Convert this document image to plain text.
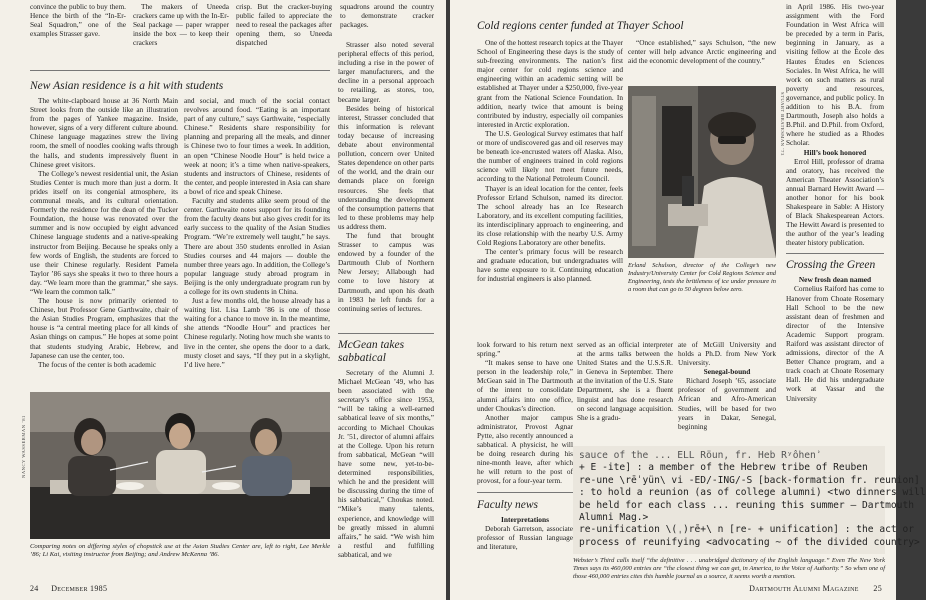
convince the public to buy them. Hence the birth of the “In-Er-Seal Squadron,” one of the examples Strasser gave.

The makers of Uneeda crackers came up with the In-Er-Seal package — paper wrapper inside the box — to keep their crackers

crisp. But the cracker-buying public failed to appreciate the need to reseal the packages after opening them, so Uneeda dispatched

squadrons around the country to demonstrate cracker packages.

New Asian residence is a hit with students

The white-clapboard house at 36 North Main Street looks from the outside like an illustration from the pages of Yankee magazine. Inside, however, signs of a very different culture abound. Chinese language magazines strew the living room, the smell of noodles cooking wafts through the halls, and students impressively fluent in Chinese greet visitors.

The College’s newest residential unit, the Asian Studies Center is much more than just a dorm. It prides itself on its congenial atmosphere, its communal meals, and its cultural orientation. Formerly the residence for the dean of the Tucker Foundation, the house was renovated over the summer and is now occupied by eight advanced Chinese language students and a native-speaking instructor from Beijing. Because he speaks only a few words of English, the students are forced to use their Chinese regularly. Resident Pamela Taylor ’86 says she speaks it two to three hours a day. “We learn more than the grammar,” she says. “We learn the common talk.”

The house is now primarily oriented to Chinese, but Professor Gene Garthwaite, chair of the Asian Studies Program, emphasizes that the house is “a central meeting place for all kinds of Asian things on campus.” He hopes at some point that students studying Arabic, Hebrew, and Japanese can use the center, too.

The focus of the center is both academic

and social, and much of the social contact revolves around food. “Eating is an important part of any culture,” says Garthwaite, “especially Chinese.” Residents share responsibility for planning and preparing all the meals, and dinner is Chinese two to four times a week. In addition, an open “Chinese Noodle Hour” is held twice a week at noon; it’s a time when native-speakers, students and instructors of Chinese, residents of the center, and people interested in Asia can share a bowl of rice and speak Chinese.

Faculty and students alike seem proud of the center. Garthwaite notes support for its founding from the faculty deans but also gives credit for its early success to the quality of the Asian Studies Program. “We’re extremely well taught,” he says. There are about 350 students enrolled in Asian Studies courses and 44 majors — double the number three years ago. In addition, the College’s popular language study abroad program in Beijing is the only undergraduate program run by a college for its own students in China.

Just a few months old, the house already has a waiting list. Lisa Lamb ’86 is one of those waiting for a chance to move in. In the meantime, she attends “Noodle Hour” and practices her Chinese regularly. Noting how much she wants to live in the center, she opens the door to a dark, musty closet and says, “If they put in a skylight, I’d live here.”

Strasser also noted several peripheral effects of this period, including a rise in the power of larger manufacturers, and the decline in a personal approach to retailing, as stores, too, became larger.

Besides being of historical interest, Strasser concluded that this information is relevant today because of increasing debate about environmental pollution, concern over United States dependence on other parts of the world, and the drain our demands place on foreign resources. She feels that understanding the development of the consumption patterns that led to these problems may help us address them.

The fund that brought Strasser to campus was endowed by a founder of the Dartmouth Club of Northern New Jersey; Allabough had come to love history at Dartmouth, and upon his death in 1983 he left funds for a continuing series of lectures.

McGean takes sabbatical

Secretary of the Alumni J. Michael McGean ’49, who has been associated with the secretary’s office since 1953, “will be taking a well-earned sabbatical leave of six months,” according to Michael Choukas Jr. ’51, director of alumni affairs at the College. Upon his return from sabbatical, McGean “will have some new, yet-to-be-determined responsibilities, which he and the president will be discussing during the time of his sabbatical,” Choukas noted. “Mike’s many talents, experience, and knowledge will be greatly missed in alumni affairs,” he said. “We wish him a restful and fulfilling sabbatical, and we

NANCY WASSERMAN ’81
Comparing notes on differing styles of chopstick use at the Asian Studies Center are, left to right, Lee Merkle ’86; Li Kai, visiting instructor from Beijing; and Andrew McKenna ’86.
24 December 1985
Cold regions center funded at Thayer School

One of the hottest research topics at the Thayer School of Engineering these days is the study of sub-freezing environments. The nation’s first major center for cold regions science and engineering within an academic setting will be established at Thayer under a $250,000, five-year grant from the National Science Foundation. In addition, nearly twice that amount is being contributed by industry, especially oil companies interested in Arctic exploration.

The U.S. Geological Survey estimates that half or more of undiscovered gas and oil reserves may be beneath ice-encrusted waters off Alaska. Also, the number of engineers trained in cold regions science will likely not meet future needs, according to the National Petroleum Council.

Thayer is an ideal location for the center, feels Professor Erland Schulson, named its director. The school already has an Ice Research Laboratory, and its excellent computing facilities, its interdisciplinary approach to engineering, and its close relationship with the nearby U.S. Army Cold Regions Laboratory are other benefits.

The center’s primary focus will be research and graduate education, but undergraduates will have some exposure to it. Continuing education for industrial engineers is also planned.

“Once established,” says Schulson, “the new center will help advance Arctic engineering and aid the economic development of the country.”

STUART BRATESMAN ’73
Erland Schulson, director of the College’s new Industry/University Center for Cold Regions Science and Engineering, tests the brittleness of ice under pressure in a room that can go to 50 degrees below zero.

look forward to his return next spring.”

“It makes sense to have one person in the leadership role,” McGean said in The Dartmouth of the intent to consolidate alumni affairs into one office, under Choukas’s direction.

Another major campus administrator, Provost Agnar Pytte, also recently announced a sabbatical. A physicist, he will be doing research during his nine-month leave, after which he will return to the post of provost, for a four-year term.

Faculty news
Interpretations

Deborah Garretson, associate professor of Russian language and literature,

served as an official interpreter at the arms talks between the United States and the U.S.S.R. in Geneva in September. There at the invitation of the U.S. State Department, she is a fluent linguist and has done research on second language acquisition. She is a gradu-

ate of McGill University and holds a Ph.D. from New York University.

Senegal-bound

Richard Joseph ’65, associate professor of government and African and Afro-American Studies, will be based for two years in Dakar, Senegal, beginning

in April 1986. His two-year assignment with the Ford Foundation in West Africa will be preceded by a term in Paris, beginning in January, as a visiting fellow at the École des Hautes Études en Sciences Sociales. In West Africa, he will work on such matters as rural poverty and resources, governance, and public policy. In addition to his B.A. from Dartmouth, Joseph also holds a B.Phil. and D.Phil. from Oxford, where he studied as a Rhodes Scholar.

Hill’s book honored

Errol Hill, professor of drama and oratory, has received the American Theater Association’s annual Barnard Hewitt Award — another honor for his book Shakespeare in Sable: A History of Black Shakespearean Actors. The Hewitt Award is presented to the author of the year’s leading theater history publication.

Crossing the Green
New frosh dean named

Cornelius Raiford has come to Hanover from Choate Rosemary Hall School to be the new assistant dean of freshmen and director of the Intensive Academic Support program. Raiford was assistant director of admissions, director of the A Better Chance program, and a track coach at Choate Rosemary Hall. He did his undergraduate work at Vassar and the University

sauce of the ... ELL Röun, fr. Heb Rʸôhenʾ
+ E -ite] : a member of the Hebrew tribe of Reuben
re-une \rēˈyün\ vi -ED/-ING/-S [back-formation fr. reunion]
: to hold a reunion (as of college alumni) <two dinners will
be held for each class ... reuning this summer — Dartmouth
Alumni Mag.>
re-unification \(ˌ)rē+\ n [re- + unification] : the act or
process of reunifying <advocating ~ of the divided country>
Webster’s Third calls itself “the definitive . . . unabridged dictionary of the English language.” Even The New York Times says its 460,000 entries are “the closest thing we can get, in America, to the Voice of Authority.” So when one of those 460,000 entries cites this humble journal as a source, it seems worth a mention.
Dartmouth Alumni Magazine 25
